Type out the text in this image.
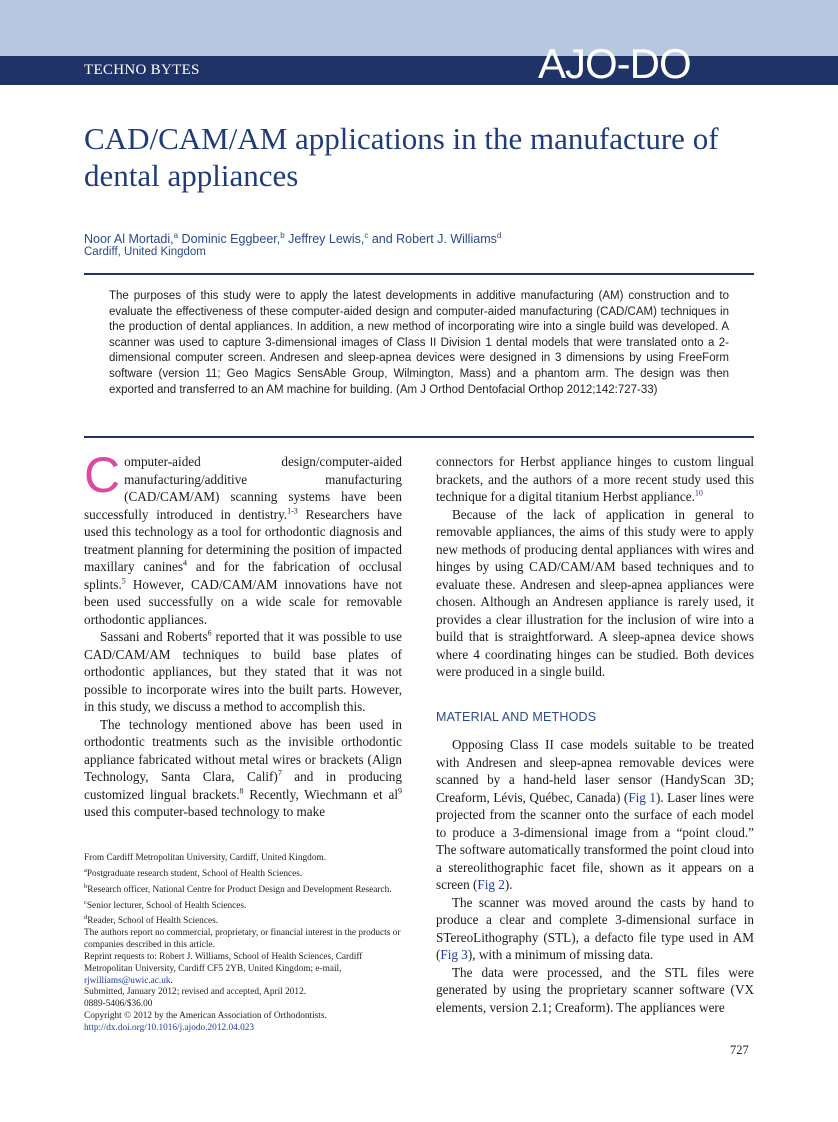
TECHNO BYTES	AJO-DO
CAD/CAM/AM applications in the manufacture of dental appliances
Noor Al Mortadi,$^a$ Dominic Eggbeer,$^b$ Jeffrey Lewis,$^c$ and Robert J. Williams$^d$
Cardiff, United Kingdom

The purposes of this study were to apply the latest developments in additive manufacturing (AM) construction and to evaluate the effectiveness of these computer-aided design and computer-aided manufacturing (CAD/CAM) techniques in the production of dental appliances. In addition, a new method of incorporating wire into a single build was developed. A scanner was used to capture 3-dimensional images of Class II Division 1 dental models that were translated onto a 2-dimensional computer screen. Andresen and sleep-apnea devices were designed in 3 dimensions by using FreeForm software (version 11; Geo Magics SensAble Group, Wilmington, Mass) and a phantom arm. The design was then exported and transferred to an AM machine for building. (Am J Orthod Dentofacial Orthop 2012;142:727-33)

Computer-aided design/computer-aided manufacturing/additive manufacturing (CAD/CAM/AM) scanning systems have been successfully introduced in dentistry.$^{1-3}$ Researchers have used this technology as a tool for orthodontic diagnosis and treatment planning for determining the position of impacted maxillary canines$^4$ and for the fabrication of occlusal splints.$^5$ However, CAD/CAM/AM innovations have not been used successfully on a wide scale for removable orthodontic appliances.

Sassani and Roberts$^6$ reported that it was possible to use CAD/CAM/AM techniques to build base plates of orthodontic appliances, but they stated that it was not possible to incorporate wires into the built parts. However, in this study, we discuss a method to accomplish this.

The technology mentioned above has been used in orthodontic treatments such as the invisible orthodontic appliance fabricated without metal wires or brackets (Align Technology, Santa Clara, Calif)$^7$ and in producing customized lingual brackets.$^8$ Recently, Wiechmann et $al^9$ used this computer-based technology to make

connectors for Herbst appliance hinges to custom lingual brackets, and the authors of a more recent study used this technique for a digital titanium Herbst appliance.$^{10}$

Because of the lack of application in general to removable appliances, the aims of this study were to apply new methods of producing dental appliances with wires and hinges by using CAD/CAM/AM based techniques and to evaluate these. Andresen and sleep-apnea appliances were chosen. Although an Andresen appliance is rarely used, it provides a clear illustration for the inclusion of wire into a build that is straightforward. A sleep-apnea device shows where 4 coordinating hinges can be studied. Both devices were produced in a single build.

MATERIAL AND METHODS

Opposing Class II case models suitable to be treated with Andresen and sleep-apnea removable devices were scanned by a hand-held laser sensor (HandyScan 3D; Creaform, Lévis, Québec, Canada) (Fig 1). Laser lines were projected from the scanner onto the surface of each model to produce a 3-dimensional image from a “point cloud.” The software automatically transformed the point cloud into a stereolithographic facet file, shown as it appears on a screen (Fig 2).

The scanner was moved around the casts by hand to produce a clear and complete 3-dimensional surface in STereoLithography (STL), a defacto file type used in AM (Fig 3), with a minimum of missing data.

The data were processed, and the STL files were generated by using the proprietary scanner software (VX elements, version 2.1; Creaform). The appliances were

From Cardiff Metropolitan University, Cardiff, United Kingdom.
$^a$Postgraduate research student, School of Health Sciences.
$^b$Research officer, National Centre for Product Design and Development Research.
$^c$Senior lecturer, School of Health Sciences.
$^d$Reader, School of Health Sciences.
The authors report no commercial, proprietary, or financial interest in the products or companies described in this article.
Reprint requests to: Robert J. Williams, School of Health Sciences, Cardiff Metropolitan University, Cardiff CF5 2YB, United Kingdom; e-mail, rjwilliams@uwic.ac.uk.
Submitted, January 2012; revised and accepted, April 2012.
0889-5406/$36.00
Copyright © 2012 by the American Association of Orthodontists.
http://dx.doi.org/10.1016/j.ajodo.2012.04.023
727
